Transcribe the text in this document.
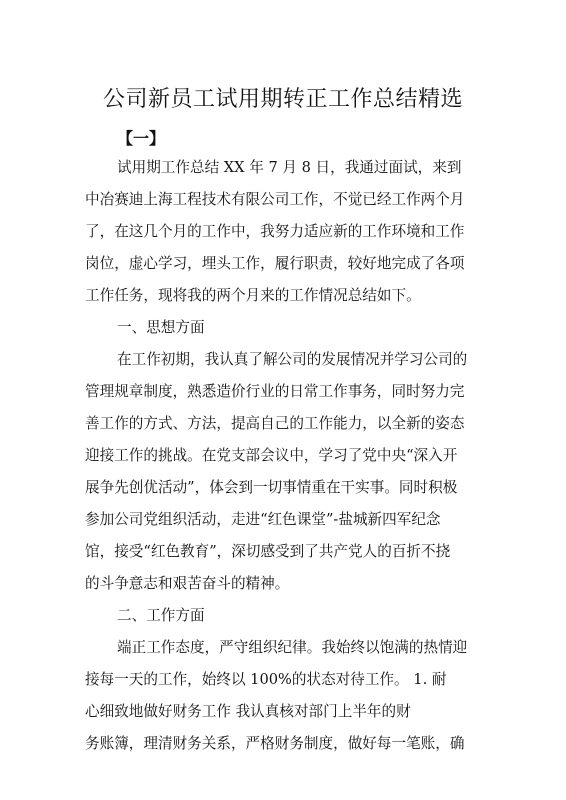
公司新员工试用期转正工作总结精选
【一】
试用期工作总结 XX 年 7 月 8 日，我通过面试，来到
中冶赛迪上海工程技术有限公司工作，不觉已经工作两个月
了，在这几个月的工作中，我努力适应新的工作环境和工作
岗位，虚心学习，埋头工作，履行职责，较好地完成了各项
工作任务，现将我的两个月来的工作情况总结如下。
一、思想方面
在工作初期，我认真了解公司的发展情况并学习公司的
管理规章制度，熟悉造价行业的日常工作事务，同时努力完
善工作的方式、方法，提高自己的工作能力，以全新的姿态
迎接工作的挑战。在党支部会议中，学习了党中央“深入开
展争先创优活动”，体会到一切事情重在干实事。同时积极
参加公司党组织活动，走进“红色课堂”-盐城新四军纪念
馆，接受“红色教育”，深切感受到了共产党人的百折不挠
的斗争意志和艰苦奋斗的精神。
二、工作方面
端正工作态度，严守组织纪律。我始终以饱满的热情迎
接每一天的工作，始终以 100%的状态对待工作。 1. 耐
心细致地做好财务工作 我认真核对部门上半年的财
务账簿，理清财务关系，严格财务制度，做好每一笔账，确
